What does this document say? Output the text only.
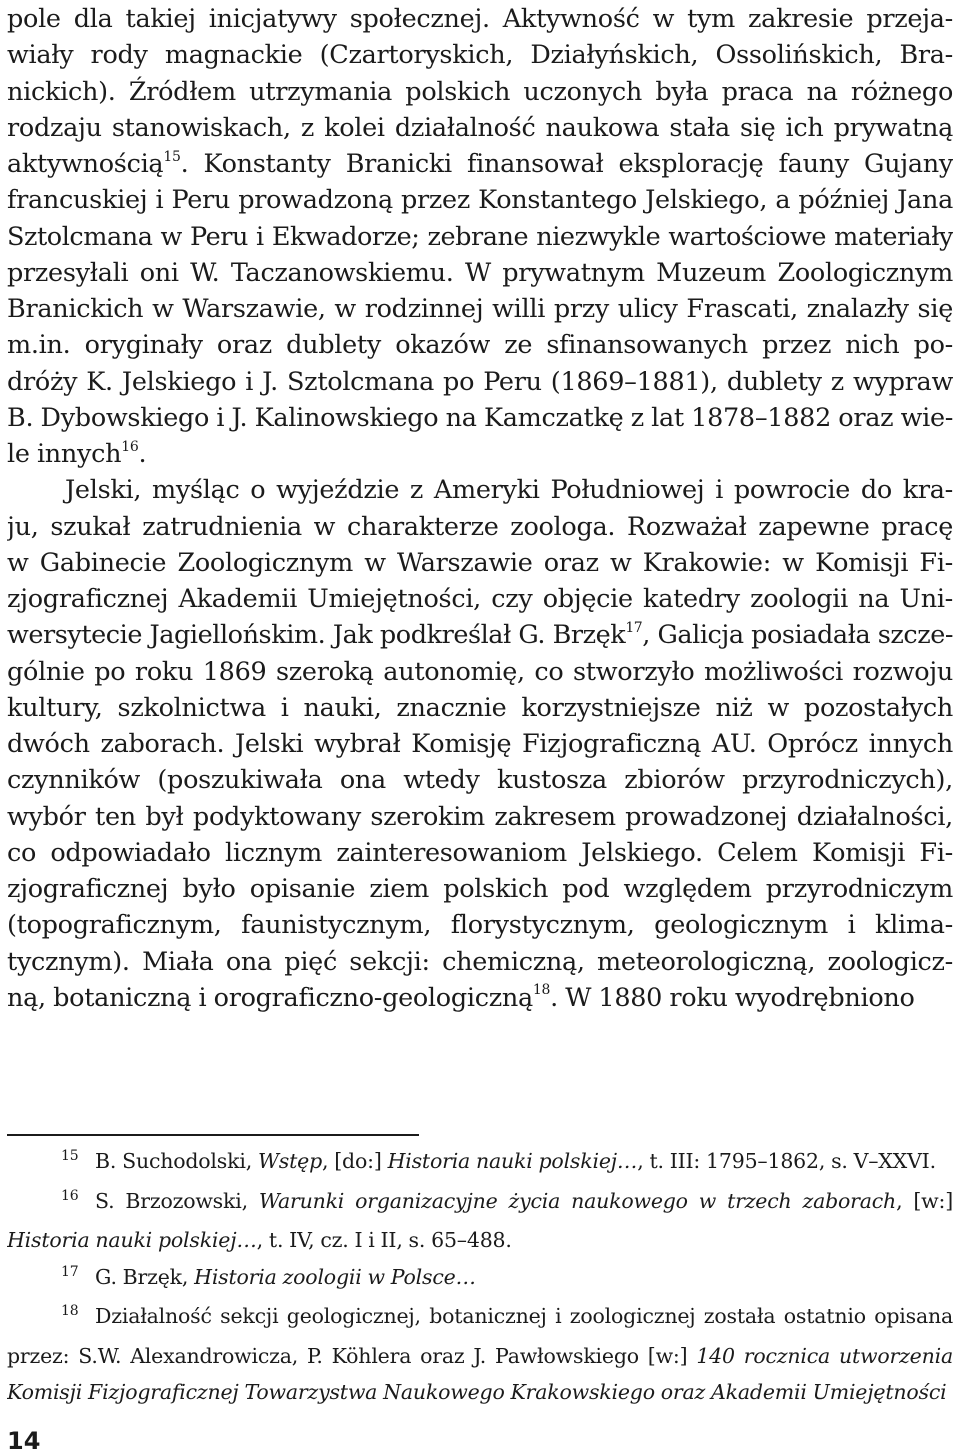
pole dla takiej inicjatywy społecznej. Aktywność w tym zakresie przeja-
wiały rody magnackie (Czartoryskich, Działyńskich, Ossolińskich, Bra-
nickich). Źródłem utrzymania polskich uczonych była praca na różnego
rodzaju stanowiskach, z kolei działalność naukowa stała się ich prywatną
aktywnością$^{15}$. Konstanty Branicki finansował eksplorację fauny Gujany
francuskiej i Peru prowadzoną przez Konstantego Jelskiego, a później Jana
Sztolcmana w Peru i Ekwadorze; zebrane niezwykle wartościowe materiały
przesyłali oni W. Taczanowskiemu. W prywatnym Muzeum Zoologicznym
Branickich w Warszawie, w rodzinnej willi przy ulicy Frascati, znalazły się
m.in. oryginały oraz dublety okazów ze sfinansowanych przez nich po-
dróży K. Jelskiego i J. Sztolcmana po Peru (1869–1881), dublety z wypraw
B. Dybowskiego i J. Kalinowskiego na Kamczatkę z lat 1878–1882 oraz wie-
le innych$^{16}$.
Jelski, myśląc o wyjeździe z Ameryki Południowej i powrocie do kra-
ju, szukał zatrudnienia w charakterze zoologa. Rozważał zapewne pracę
w Gabinecie Zoologicznym w Warszawie oraz w Krakowie: w Komisji Fi-
zjograficznej Akademii Umiejętności, czy objęcie katedry zoologii na Uni-
wersytecie Jagiellońskim. Jak podkreślał G. Brzęk$^{17}$, Galicja posiadała szcze-
gólnie po roku 1869 szeroką autonomię, co stworzyło możliwości rozwoju
kultury, szkolnictwa i nauki, znacznie korzystniejsze niż w pozostałych
dwóch zaborach. Jelski wybrał Komisję Fizjograficzną AU. Oprócz innych
czynników (poszukiwała ona wtedy kustosza zbiorów przyrodniczych),
wybór ten był podyktowany szerokim zakresem prowadzonej działalności,
co odpowiadało licznym zainteresowaniom Jelskiego. Celem Komisji Fi-
zjograficznej było opisanie ziem polskich pod względem przyrodniczym
(topograficznym, faunistycznym, florystycznym, geologicznym i klima-
tycznym). Miała ona pięć sekcji: chemiczną, meteorologiczną, zoologicz-
ną, botaniczną i orograficzno-geologiczną$^{18}$. W 1880 roku wyodrębniono
15 B. Suchodolski, Wstęp, [do:] Historia nauki polskiej…, t. III: 1795–1862, s. V–XXVI.
16 S. Brzozowski, Warunki organizacyjne życia naukowego w trzech zaborach, [w:]
Historia nauki polskiej…, t. IV, cz. I i II, s. 65–488.
17 G. Brzęk, Historia zoologii w Polsce…
18 Działalność sekcji geologicznej, botanicznej i zoologicznej została ostatnio opisana
przez: S.W. Alexandrowicza, P. Köhlera oraz J. Pawłowskiego [w:] 140 rocznica utworzenia
Komisji Fizjograficznej Towarzystwa Naukowego Krakowskiego oraz Akademii Umiejętności
14
